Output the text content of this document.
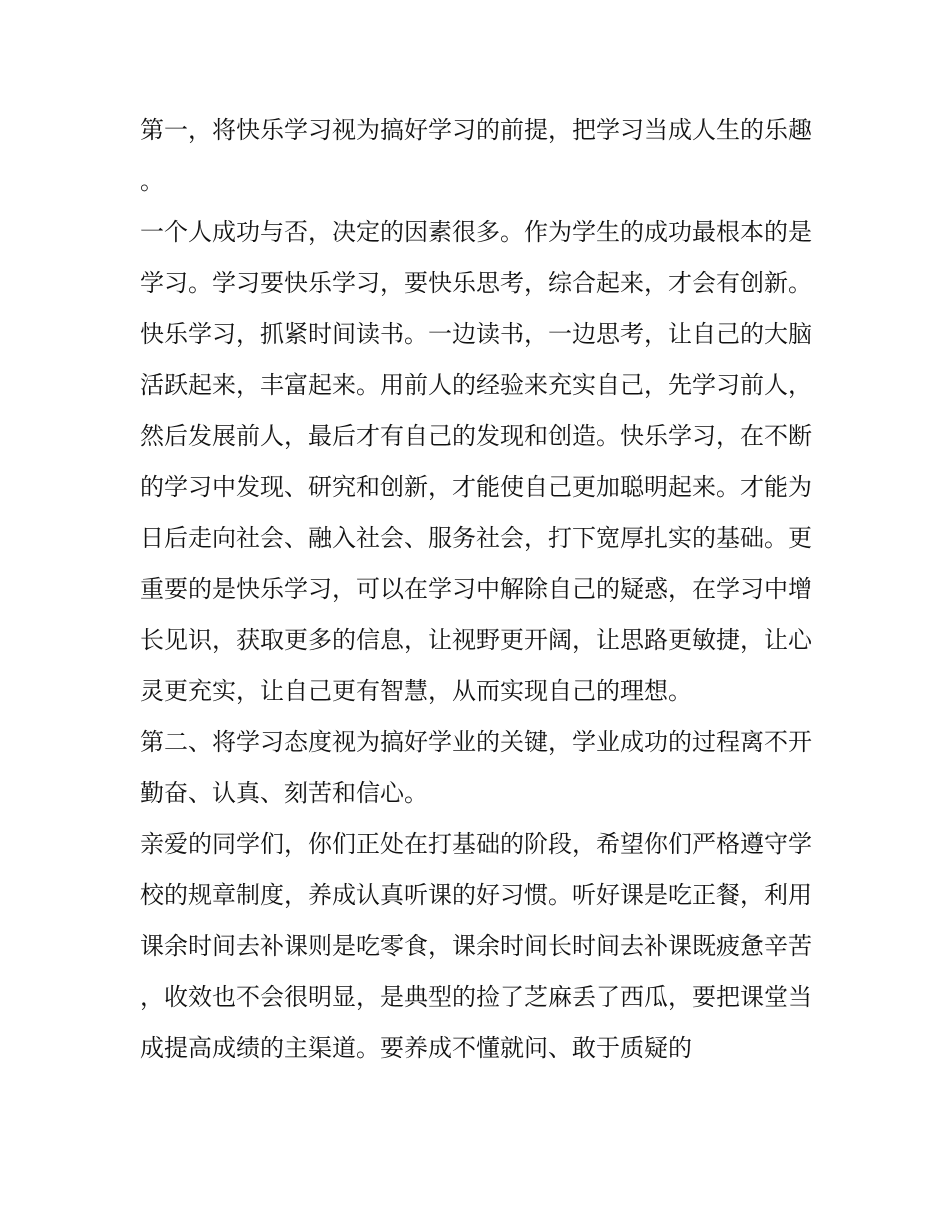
第一，将快乐学习视为搞好学习的前提，把学习当成人生的乐趣。

一个人成功与否，决定的因素很多。作为学生的成功最根本的是学习。学习要快乐学习，要快乐思考，综合起来，才会有创新。快乐学习，抓紧时间读书。一边读书，一边思考，让自己的大脑活跃起来，丰富起来。用前人的经验来充实自己，先学习前人，然后发展前人，最后才有自己的发现和创造。快乐学习，在不断的学习中发现、研究和创新，才能使自己更加聪明起来。才能为日后走向社会、融入社会、服务社会，打下宽厚扎实的基础。更重要的是快乐学习，可以在学习中解除自己的疑惑，在学习中增长见识，获取更多的信息，让视野更开阔，让思路更敏捷，让心灵更充实，让自己更有智慧，从而实现自己的理想。

第二、将学习态度视为搞好学业的关键，学业成功的过程离不开勤奋、认真、刻苦和信心。

亲爱的同学们，你们正处在打基础的阶段，希望你们严格遵守学校的规章制度，养成认真听课的好习惯。听好课是吃正餐，利用课余时间去补课则是吃零食，课余时间长时间去补课既疲惫辛苦，收效也不会很明显，是典型的捡了芝麻丢了西瓜，要把课堂当成提高成绩的主渠道。要养成不懂就问、敢于质疑的
